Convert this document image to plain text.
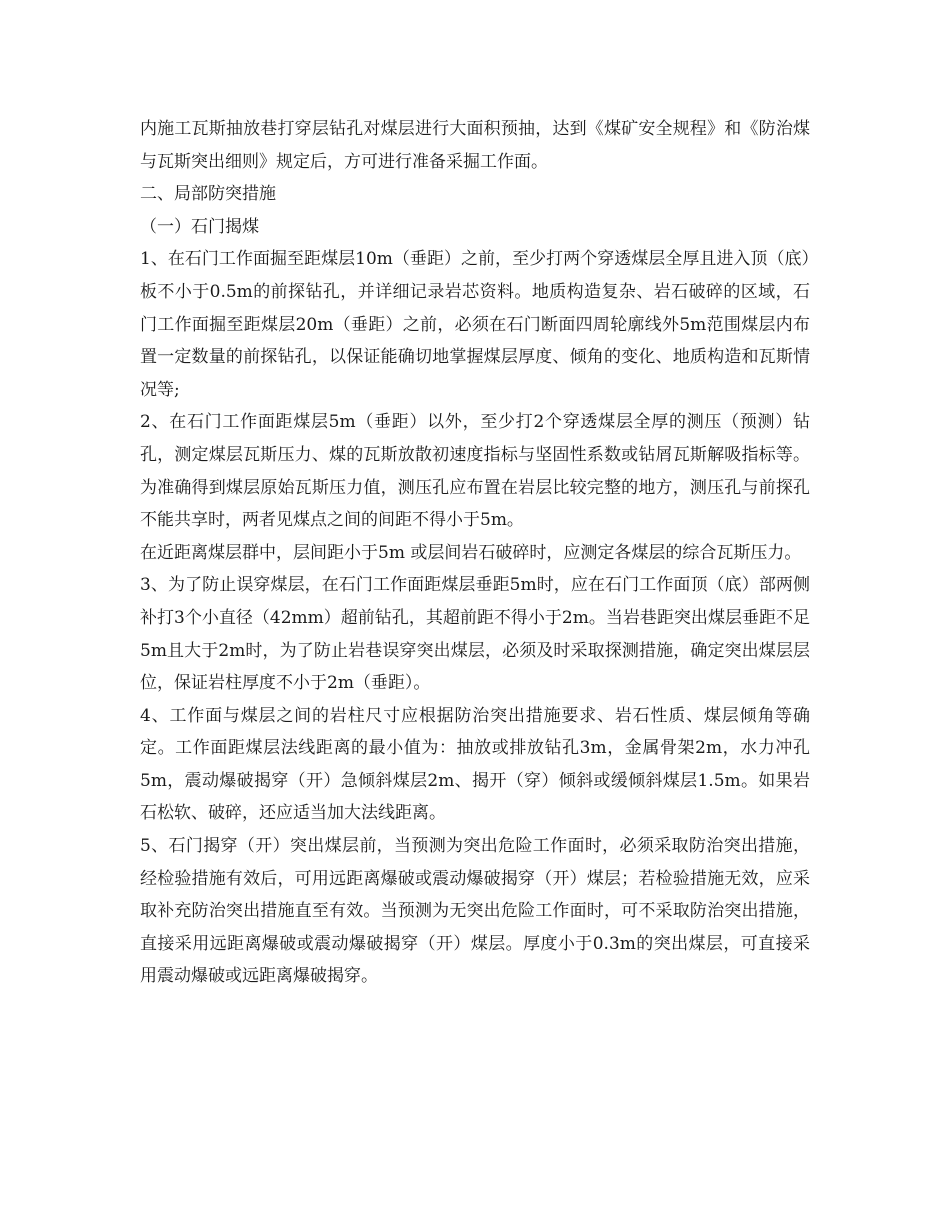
内施工瓦斯抽放巷打穿层钻孔对煤层进行大面积预抽，达到《煤矿安全规程》和《防治煤与瓦斯突出细则》规定后，方可进行准备采掘工作面。

二、局部防突措施

（一）石门揭煤

1、在石门工作面掘至距煤层10m（垂距）之前，至少打两个穿透煤层全厚且进入顶（底）板不小于0.5m的前探钻孔，并详细记录岩芯资料。地质构造复杂、岩石破碎的区域，石门工作面掘至距煤层20m（垂距）之前，必须在石门断面四周轮廓线外5m范围煤层内布置一定数量的前探钻孔，以保证能确切地掌握煤层厚度、倾角的变化、地质构造和瓦斯情况等;

2、在石门工作面距煤层5m（垂距）以外，至少打2个穿透煤层全厚的测压（预测）钻孔，测定煤层瓦斯压力、煤的瓦斯放散初速度指标与坚固性系数或钻屑瓦斯解吸指标等。为准确得到煤层原始瓦斯压力值，测压孔应布置在岩层比较完整的地方，测压孔与前探孔不能共享时，两者见煤点之间的间距不得小于5m。

在近距离煤层群中，层间距小于5m 或层间岩石破碎时，应测定各煤层的综合瓦斯压力。

3、为了防止误穿煤层，在石门工作面距煤层垂距5m时，应在石门工作面顶（底）部两侧补打3个小直径（42mm）超前钻孔，其超前距不得小于2m。当岩巷距突出煤层垂距不足5m且大于2m时，为了防止岩巷误穿突出煤层，必须及时采取探测措施，确定突出煤层层位，保证岩柱厚度不小于2m（垂距）。

4、工作面与煤层之间的岩柱尺寸应根据防治突出措施要求、岩石性质、煤层倾角等确定。工作面距煤层法线距离的最小值为：抽放或排放钻孔3m，金属骨架2m，水力冲孔5m，震动爆破揭穿（开）急倾斜煤层2m、揭开（穿）倾斜或缓倾斜煤层1.5m。如果岩石松软、破碎，还应适当加大法线距离。

5、石门揭穿（开）突出煤层前，当预测为突出危险工作面时，必须采取防治突出措施，经检验措施有效后，可用远距离爆破或震动爆破揭穿（开）煤层；若检验措施无效，应采取补充防治突出措施直至有效。当预测为无突出危险工作面时，可不采取防治突出措施，直接采用远距离爆破或震动爆破揭穿（开）煤层。厚度小于0.3m的突出煤层，可直接采用震动爆破或远距离爆破揭穿。
